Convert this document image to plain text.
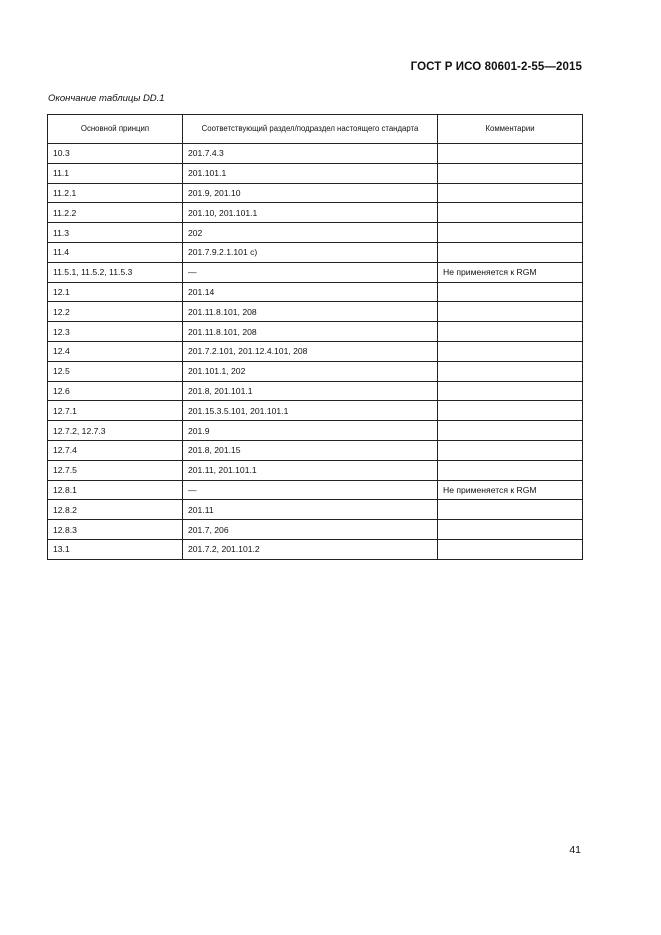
ГОСТ Р ИСО 80601-2-55—2015
Окончание таблицы DD.1
Основной принцип	Соответствующий раздел/подраздел настоящего стандарта	Комментарии
10.3	201.7.4.3	
11.1	201.101.1	
11.2.1	201.9, 201.10	
11.2.2	201.10, 201.101.1	
11.3	202	
11.4	201.7.9.2.1.101 c)	
11.5.1, 11.5.2, 11.5.3	—	Не применяется к RGM
12.1	201.14	
12.2	201.11.8.101, 208	
12.3	201.11.8.101, 208	
12.4	201.7.2.101, 201.12.4.101, 208	
12.5	201.101.1, 202	
12.6	201.8, 201.101.1	
12.7.1	201.15.3.5.101, 201.101.1	
12.7.2, 12.7.3	201.9	
12.7.4	201.8, 201.15	
12.7.5	201.11, 201.101.1	
12.8.1	—	Не применяется к RGM
12.8.2	201.11	
12.8.3	201.7, 206	
13.1	201.7.2, 201.101.2	
41
